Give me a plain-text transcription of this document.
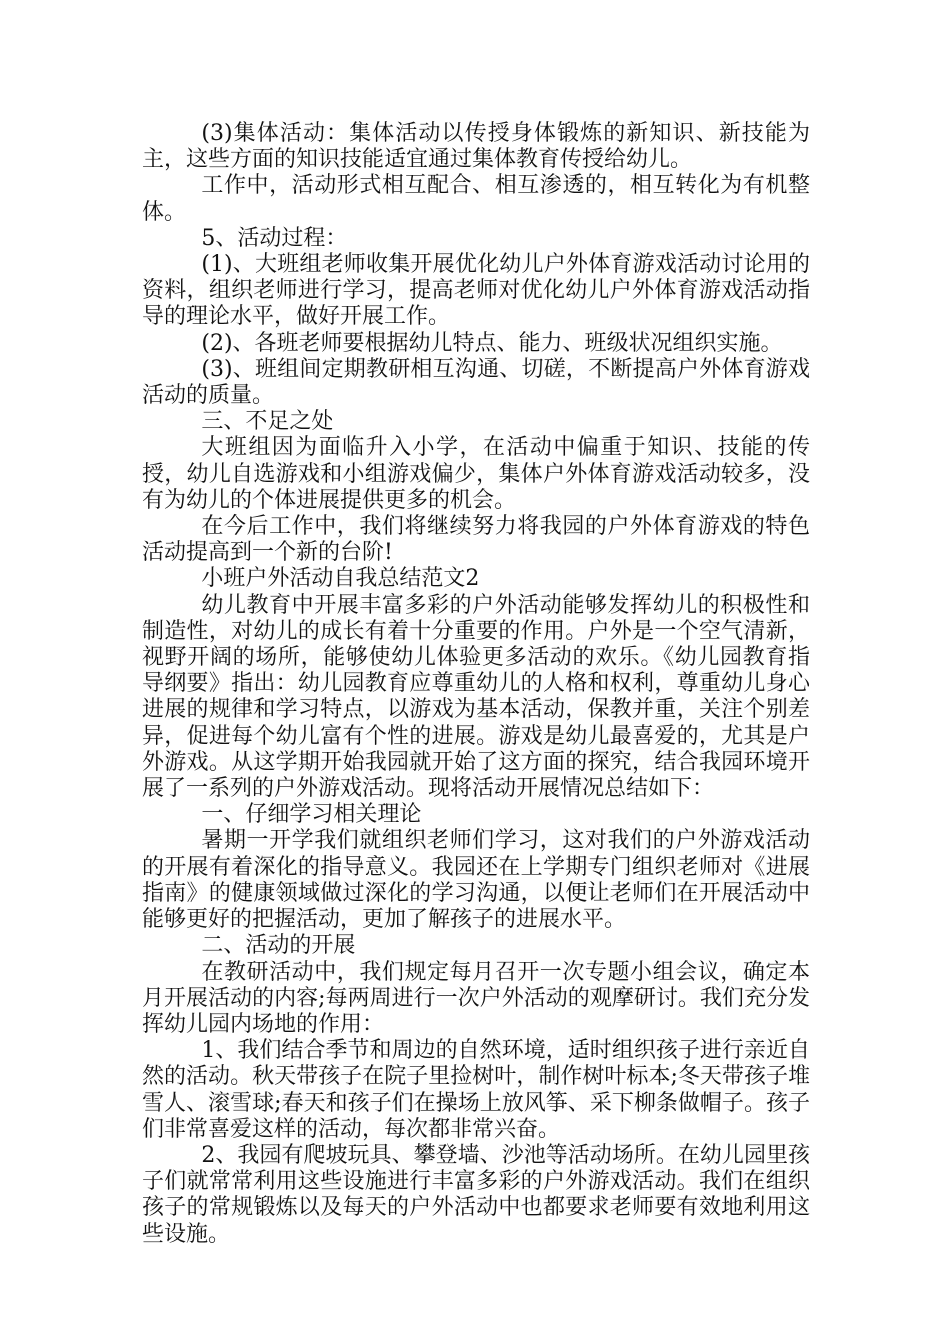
(3)集体活动：集体活动以传授身体锻炼的新知识、新技能为主，这些方面的知识技能适宜通过集体教育传授给幼儿。

工作中，活动形式相互配合、相互渗透的，相互转化为有机整体。

5、活动过程：

(1)、大班组老师收集开展优化幼儿户外体育游戏活动讨论用的资料，组织老师进行学习，提高老师对优化幼儿户外体育游戏活动指导的理论水平，做好开展工作。

(2)、各班老师要根据幼儿特点、能力、班级状况组织实施。

(3)、班组间定期教研相互沟通、切磋，不断提高户外体育游戏活动的质量。

三、不足之处

大班组因为面临升入小学，在活动中偏重于知识、技能的传授，幼儿自选游戏和小组游戏偏少，集体户外体育游戏活动较多，没有为幼儿的个体进展提供更多的机会。

在今后工作中，我们将继续努力将我园的户外体育游戏的特色活动提高到一个新的台阶!

小班户外活动自我总结范文2

幼儿教育中开展丰富多彩的户外活动能够发挥幼儿的积极性和制造性，对幼儿的成长有着十分重要的作用。户外是一个空气清新，视野开阔的场所，能够使幼儿体验更多活动的欢乐。《幼儿园教育指导纲要》指出：幼儿园教育应尊重幼儿的人格和权利，尊重幼儿身心进展的规律和学习特点，以游戏为基本活动，保教并重，关注个别差异，促进每个幼儿富有个性的进展。游戏是幼儿最喜爱的，尤其是户外游戏。从这学期开始我园就开始了这方面的探究，结合我园环境开展了一系列的户外游戏活动。现将活动开展情况总结如下：

一、仔细学习相关理论

暑期一开学我们就组织老师们学习，这对我们的户外游戏活动的开展有着深化的指导意义。我园还在上学期专门组织老师对《进展指南》的健康领域做过深化的学习沟通，以便让老师们在开展活动中能够更好的把握活动，更加了解孩子的进展水平。

二、活动的开展

在教研活动中，我们规定每月召开一次专题小组会议，确定本月开展活动的内容;每两周进行一次户外活动的观摩研讨。我们充分发挥幼儿园内场地的作用：

1、我们结合季节和周边的自然环境，适时组织孩子进行亲近自然的活动。秋天带孩子在院子里捡树叶，制作树叶标本;冬天带孩子堆雪人、滚雪球;春天和孩子们在操场上放风筝、采下柳条做帽子。孩子们非常喜爱这样的活动，每次都非常兴奋。

2、我园有爬坡玩具、攀登墙、沙池等活动场所。在幼儿园里孩子们就常常利用这些设施进行丰富多彩的户外游戏活动。我们在组织孩子的常规锻炼以及每天的户外活动中也都要求老师要有效地利用这些设施。
